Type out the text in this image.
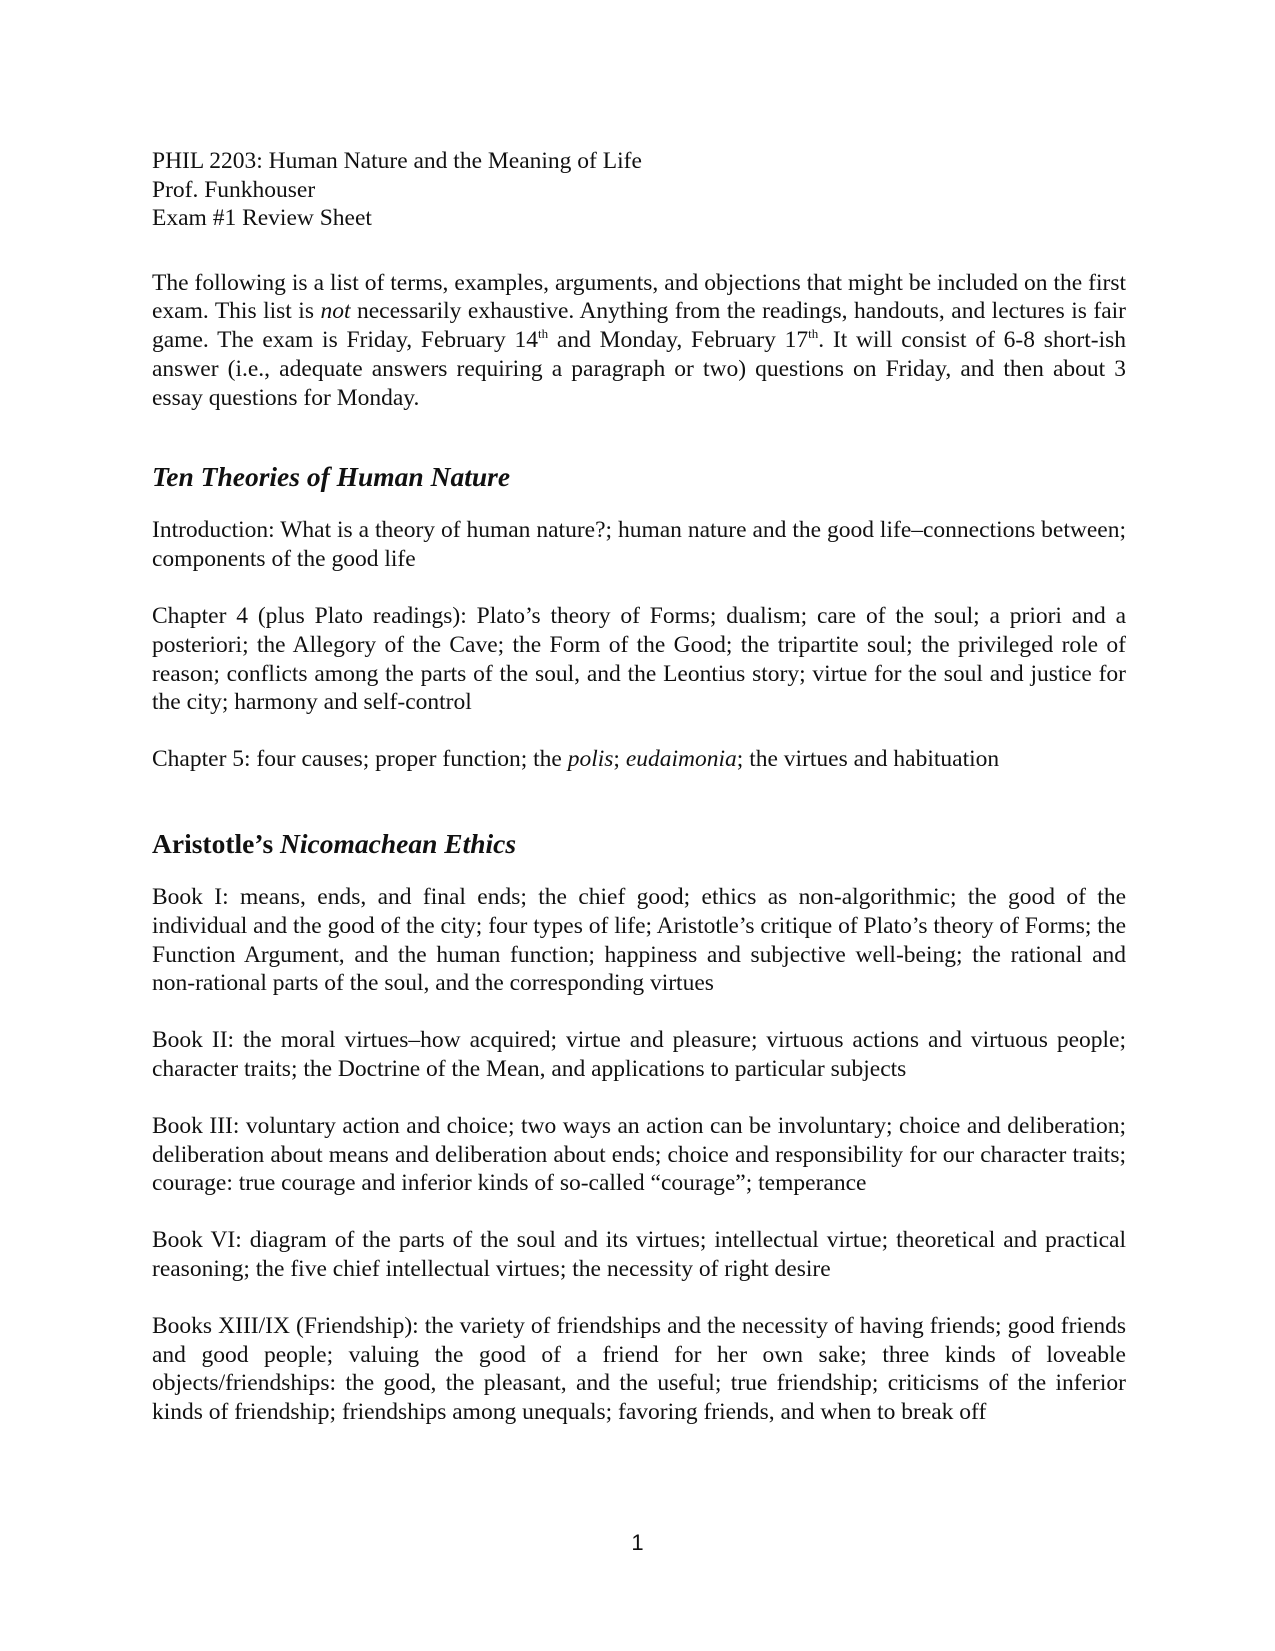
PHIL 2203: Human Nature and the Meaning of Life
Prof. Funkhouser
Exam #1 Review Sheet

The following is a list of terms, examples, arguments, and objections that might be included on the first exam. This list is not necessarily exhaustive. Anything from the readings, handouts, and lectures is fair game. The exam is Friday, February 14th and Monday, February 17th. It will consist of 6-8 short-ish answer (i.e., adequate answers requiring a paragraph or two) questions on Friday, and then about 3 essay questions for Monday.

Ten Theories of Human Nature

Introduction: What is a theory of human nature?; human nature and the good life–connections between; components of the good life

Chapter 4 (plus Plato readings): Plato’s theory of Forms; dualism; care of the soul; a priori and a posteriori; the Allegory of the Cave; the Form of the Good; the tripartite soul; the privileged role of reason; conflicts among the parts of the soul, and the Leontius story; virtue for the soul and justice for the city; harmony and self-control

Chapter 5: four causes; proper function; the polis; eudaimonia; the virtues and habituation

Aristotle’s Nicomachean Ethics

Book I: means, ends, and final ends; the chief good; ethics as non-algorithmic; the good of the individual and the good of the city; four types of life; Aristotle’s critique of Plato’s theory of Forms; the Function Argument, and the human function; happiness and subjective well-being; the rational and non-rational parts of the soul, and the corresponding virtues

Book II: the moral virtues–how acquired; virtue and pleasure; virtuous actions and virtuous people; character traits; the Doctrine of the Mean, and applications to particular subjects

Book III: voluntary action and choice; two ways an action can be involuntary; choice and deliberation; deliberation about means and deliberation about ends; choice and responsibility for our character traits; courage: true courage and inferior kinds of so-called “courage”; temperance

Book VI: diagram of the parts of the soul and its virtues; intellectual virtue; theoretical and practical reasoning; the five chief intellectual virtues; the necessity of right desire

Books XIII/IX (Friendship): the variety of friendships and the necessity of having friends; good friends and good people; valuing the good of a friend for her own sake; three kinds of loveable objects/friendships: the good, the pleasant, and the useful; true friendship; criticisms of the inferior kinds of friendship; friendships among unequals; favoring friends, and when to break off

1
